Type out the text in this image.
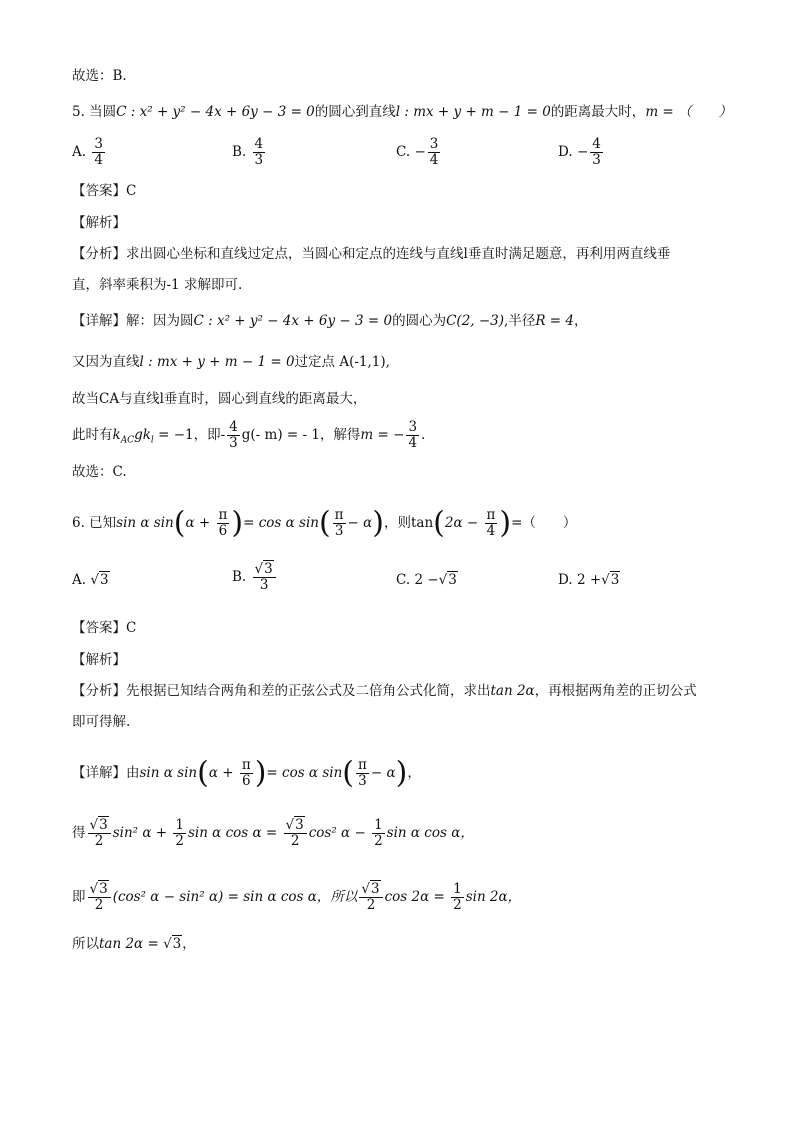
故选：B.
5. 当圆C : x² + y² − 4x + 6y − 3 = 0的圆心到直线l : mx + y + m − 1 = 0的距离最大时，m = （　　）
A. $\frac{3}{4}$	B. $\frac{4}{3}$	C. − $\frac{3}{4}$	D. − $\frac{4}{3}$
【答案】C
【解析】
【分析】求出圆心坐标和直线过定点，当圆心和定点的连线与直线l垂直时满足题意，再利用两直线垂
直，斜率乘积为-1 求解即可.
【详解】解：因为圆C : x² + y² − 4x + 6y − 3 = 0的圆心为C(2, −3),半径R = 4，
又因为直线l : mx + y + m − 1 = 0过定点 A(-1,1),
故当CA与直线l垂直时，圆心到直线的距离最大，
此时有$k_{AC}gk_l = -1$，即- $\frac{4}{3} g(-$ m) = - 1，解得m = − $\frac{3}{4}$ .
故选：C.
6. 已知sin α $\sin(\alpha + \frac{\pi}{6}$ )= cos α $\sin( \frac{\pi}{3} - \alpha)$，则$\tan(2\alpha - \frac{\pi}{4}$ )=（　　）
A. √3	B. $\frac{√3}{3}$	C. 2 −√3	D. 2 +√3
【答案】C
【解析】
【分析】先根据已知结合两角和差的正弦公式及二倍角公式化简，求出tan 2α，再根据两角差的正切公式
即可得解.
【详解】由sin α $\sin(\alpha + \frac{\pi}{6}$ )= cos α $\sin( \frac{\pi}{3} - \alpha)$，
得 $\frac{√3}{2} \sin^2$ $\alpha + \frac{1}{2}$ sin α $\cos \alpha = \frac{√3}{2} \cos^2$ $\alpha - \frac{1}{2}$ sin α cos α，
即 $\frac{√3}{2} (\cos^2$ α − sin² α) = sin α cos α，所以 $\frac{√3}{2}$ $\cos 2\alpha = \frac{1}{2}$ sin 2α，
所以tan 2α = √3，
